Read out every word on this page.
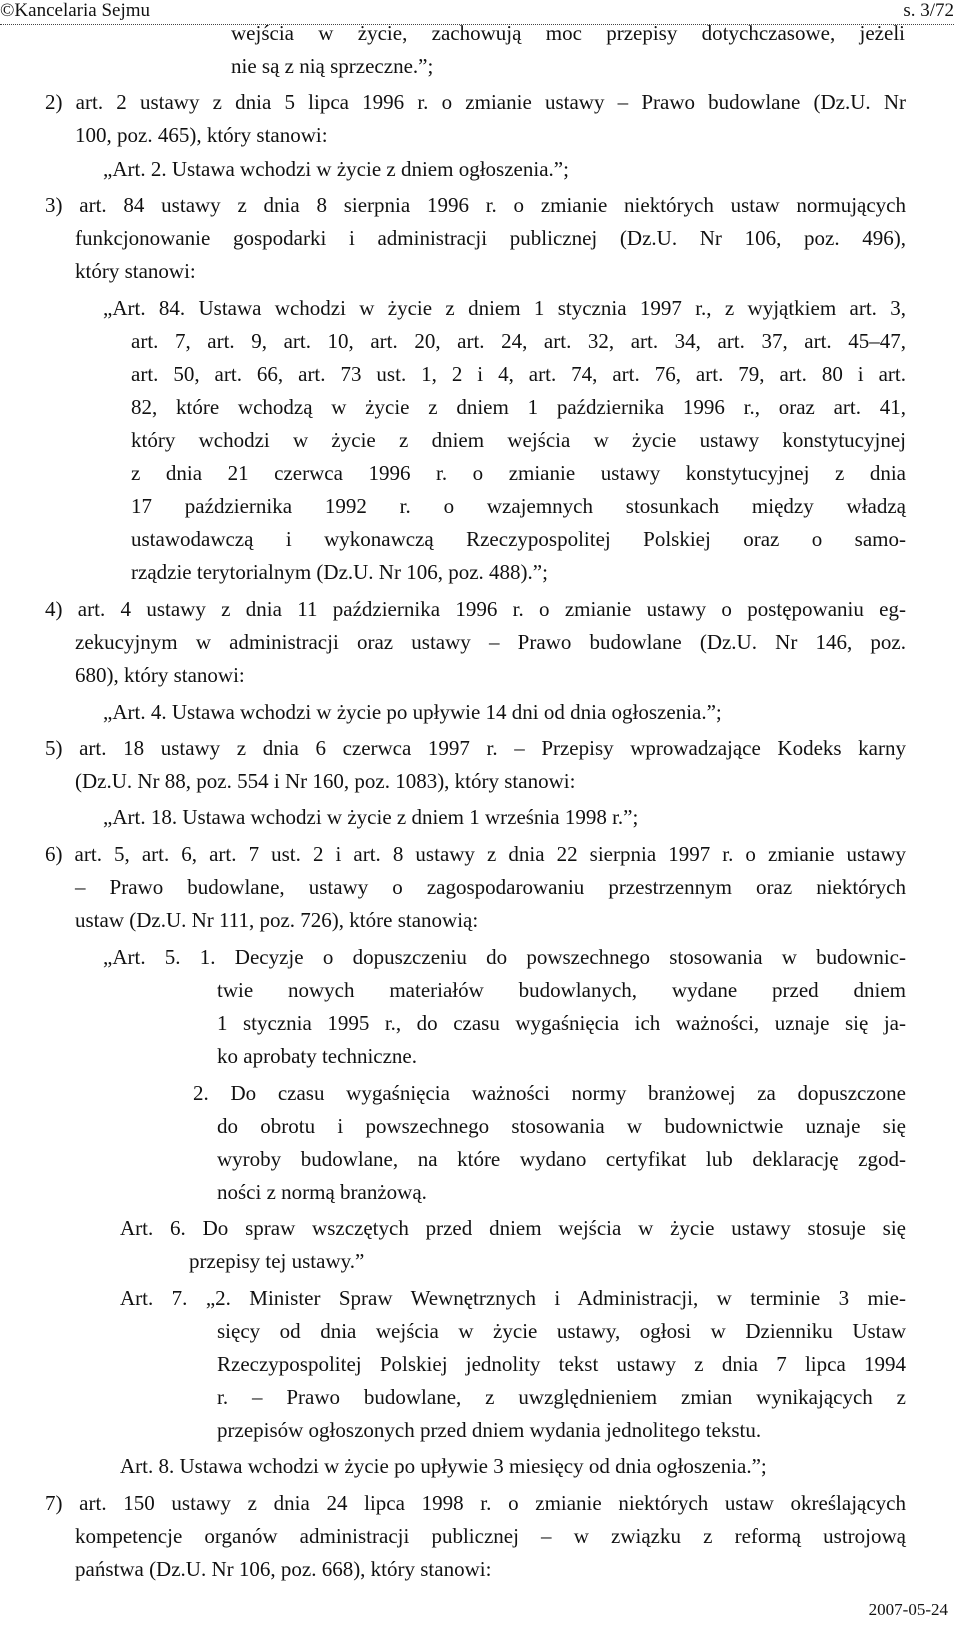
©Kancelaria Sejmu	s. 3/72
wejścia w życie, zachowują moc przepisy dotychczasowe, jeżeli
nie są z nią sprzeczne.”;
2) art. 2 ustawy z dnia 5 lipca 1996 r. o zmianie ustawy – Prawo budowlane (Dz.U. Nr
100, poz. 465), który stanowi:
„Art. 2. Ustawa wchodzi w życie z dniem ogłoszenia.”;
3) art. 84 ustawy z dnia 8 sierpnia 1996 r. o zmianie niektórych ustaw normujących
funkcjonowanie gospodarki i administracji publicznej (Dz.U. Nr 106, poz. 496),
który stanowi:
„Art. 84. Ustawa wchodzi w życie z dniem 1 stycznia 1997 r., z wyjątkiem art. 3,
art. 7, art. 9, art. 10, art. 20, art. 24, art. 32, art. 34, art. 37, art. 45–47,
art. 50, art. 66, art. 73 ust. 1, 2 i 4, art. 74, art. 76, art. 79, art. 80 i art.
82, które wchodzą w życie z dniem 1 października 1996 r., oraz art. 41,
który wchodzi w życie z dniem wejścia w życie ustawy konstytucyjnej
z dnia 21 czerwca 1996 r. o zmianie ustawy konstytucyjnej z dnia
17 października 1992 r. o wzajemnych stosunkach między władzą
ustawodawczą i wykonawczą Rzeczypospolitej Polskiej oraz o samo-
rządzie terytorialnym (Dz.U. Nr 106, poz. 488).”;
4) art. 4 ustawy z dnia 11 października 1996 r. o zmianie ustawy o postępowaniu eg-
zekucyjnym w administracji oraz ustawy – Prawo budowlane (Dz.U. Nr 146, poz.
680), który stanowi:
„Art. 4. Ustawa wchodzi w życie po upływie 14 dni od dnia ogłoszenia.”;
5) art. 18 ustawy z dnia 6 czerwca 1997 r. – Przepisy wprowadzające Kodeks karny
(Dz.U. Nr 88, poz. 554 i Nr 160, poz. 1083), który stanowi:
„Art. 18. Ustawa wchodzi w życie z dniem 1 września 1998 r.”;
6) art. 5, art. 6, art. 7 ust. 2 i art. 8 ustawy z dnia 22 sierpnia 1997 r. o zmianie ustawy
– Prawo budowlane, ustawy o zagospodarowaniu przestrzennym oraz niektórych
ustaw (Dz.U. Nr 111, poz. 726), które stanowią:
„Art. 5. 1. Decyzje o dopuszczeniu do powszechnego stosowania w budownic-
twie nowych materiałów budowlanych, wydane przed dniem
1 stycznia 1995 r., do czasu wygaśnięcia ich ważności, uznaje się ja-
ko aprobaty techniczne.
2. Do czasu wygaśnięcia ważności normy branżowej za dopuszczone
do obrotu i powszechnego stosowania w budownictwie uznaje się
wyroby budowlane, na które wydano certyfikat lub deklarację zgod-
ności z normą branżową.
Art. 6. Do spraw wszczętych przed dniem wejścia w życie ustawy stosuje się
przepisy tej ustawy.”
Art. 7. „2. Minister Spraw Wewnętrznych i Administracji, w terminie 3 mie-
sięcy od dnia wejścia w życie ustawy, ogłosi w Dzienniku Ustaw
Rzeczypospolitej Polskiej jednolity tekst ustawy z dnia 7 lipca 1994
r. – Prawo budowlane, z uwzględnieniem zmian wynikających z
przepisów ogłoszonych przed dniem wydania jednolitego tekstu.
Art. 8. Ustawa wchodzi w życie po upływie 3 miesięcy od dnia ogłoszenia.”;
7) art. 150 ustawy z dnia 24 lipca 1998 r. o zmianie niektórych ustaw określających
kompetencje organów administracji publicznej – w związku z reformą ustrojową
państwa (Dz.U. Nr 106, poz. 668), który stanowi:
2007-05-24
